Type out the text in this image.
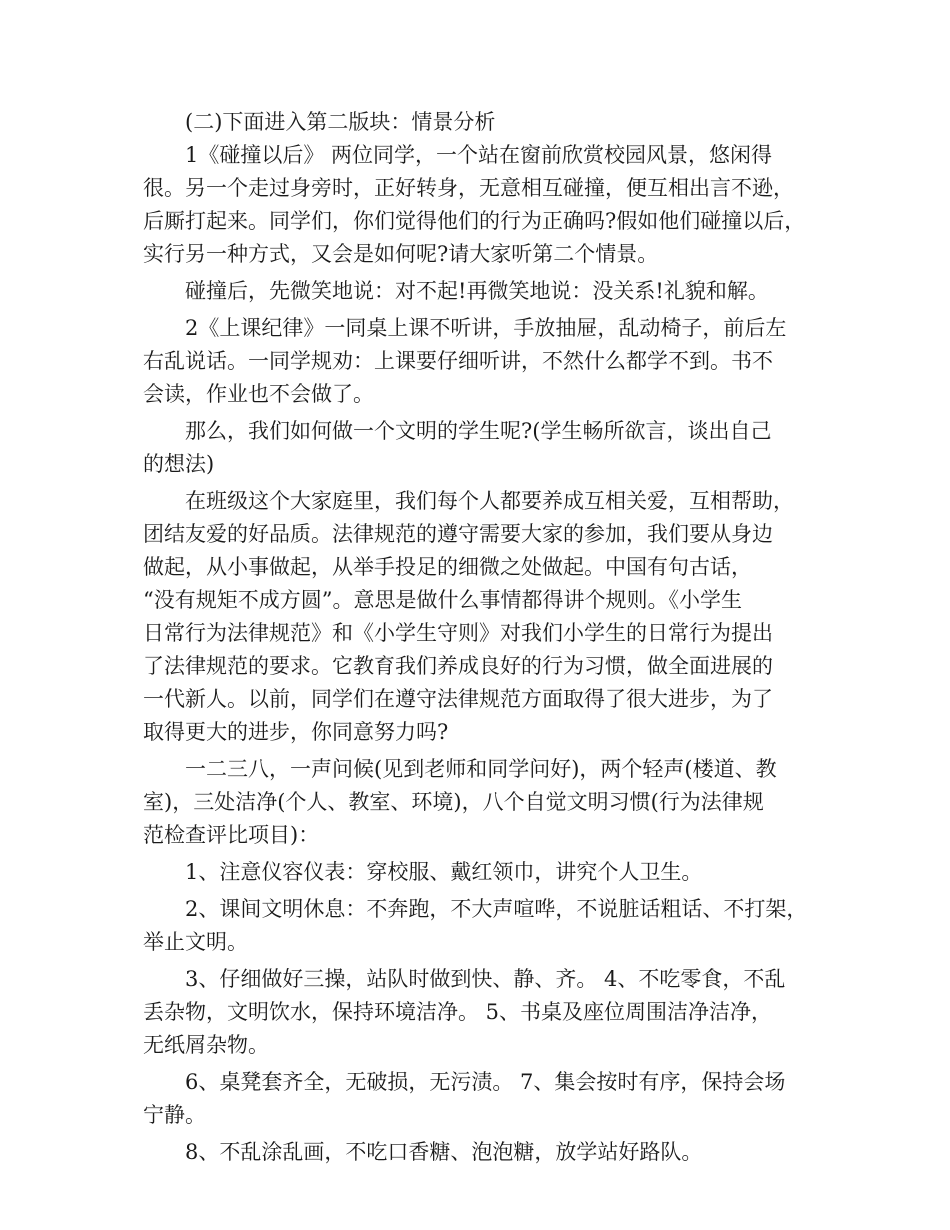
(二)下面进入第二版块：情景分析
1《碰撞以后》 两位同学，一个站在窗前欣赏校园风景，悠闲得
很。另一个走过身旁时，正好转身，无意相互碰撞，便互相出言不逊，
后厮打起来。同学们，你们觉得他们的行为正确吗?假如他们碰撞以后，
实行另一种方式，又会是如何呢?请大家听第二个情景。
碰撞后，先微笑地说：对不起!再微笑地说：没关系!礼貌和解。
2《上课纪律》一同桌上课不听讲，手放抽屉，乱动椅子，前后左
右乱说话。一同学规劝：上课要仔细听讲，不然什么都学不到。书不
会读，作业也不会做了。
那么，我们如何做一个文明的学生呢?(学生畅所欲言，谈出自己
的想法)
在班级这个大家庭里，我们每个人都要养成互相关爱，互相帮助，
团结友爱的好品质。法律规范的遵守需要大家的参加，我们要从身边
做起，从小事做起，从举手投足的细微之处做起。中国有句古话，
“没有规矩不成方圆”。意思是做什么事情都得讲个规则。《小学生
日常行为法律规范》和《小学生守则》对我们小学生的日常行为提出
了法律规范的要求。它教育我们养成良好的行为习惯，做全面进展的
一代新人。以前，同学们在遵守法律规范方面取得了很大进步，为了
取得更大的进步，你同意努力吗?
一二三八，一声问候(见到老师和同学问好)，两个轻声(楼道、教
室)，三处洁净(个人、教室、环境)，八个自觉文明习惯(行为法律规
范检查评比项目)：
1、注意仪容仪表：穿校服、戴红领巾，讲究个人卫生。
2、课间文明休息：不奔跑，不大声喧哗，不说脏话粗话、不打架，
举止文明。
3、仔细做好三操，站队时做到快、静、齐。 4、不吃零食，不乱
丢杂物，文明饮水，保持环境洁净。 5、书桌及座位周围洁净洁净，
无纸屑杂物。
6、桌凳套齐全，无破损，无污渍。 7、集会按时有序，保持会场
宁静。
8、不乱涂乱画，不吃口香糖、泡泡糖，放学站好路队。
